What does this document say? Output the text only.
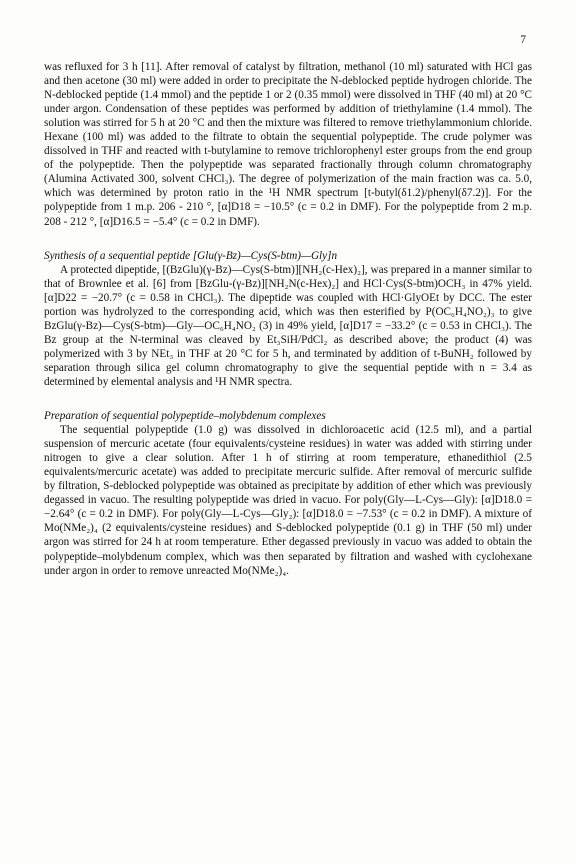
7

was refluxed for 3 h [11]. After removal of catalyst by filtration, methanol (10 ml) saturated with HCl gas and then acetone (30 ml) were added in order to precipitate the N-deblocked peptide hydrogen chloride. The N-deblocked peptide (1.4 mmol) and the peptide 1 or 2 (0.35 mmol) were dissolved in THF (40 ml) at 20 °C under argon. Condensation of these peptides was performed by addition of triethylamine (1.4 mmol). The solution was stirred for 5 h at 20 °C and then the mixture was filtered to remove triethylammonium chloride. Hexane (100 ml) was added to the filtrate to obtain the sequential polypeptide. The crude polymer was dissolved in THF and reacted with t-butylamine to remove trichlorophenyl ester groups from the end group of the polypeptide. Then the polypeptide was separated fractionally through column chromatography (Alumina Activated 300, solvent CHCl₃). The degree of polymerization of the main fraction was ca. 5.0, which was determined by proton ratio in the ¹H NMR spectrum [t-butyl(δ1.2)/phenyl(δ7.2)]. For the polypeptide from 1 m.p. 206 - 210 °, [α]D18 = −10.5° (c = 0.2 in DMF). For the polypeptide from 2 m.p. 208 - 212 °, [α]D16.5 = −5.4° (c = 0.2 in DMF).

Synthesis of a sequential peptide [Glu(γ-Bz)—Cys(S-btm)—Gly]n

A protected dipeptide, [(BzGlu)(γ-Bz)—Cys(S-btm)][NH₂(c-Hex)₂], was prepared in a manner similar to that of Brownlee et al. [6] from [BzGlu-(γ-Bz)][NH₂N(c-Hex)₂] and HCl·Cys(S-btm)OCH₃ in 47% yield. [α]D22 = −20.7° (c = 0.58 in CHCl₃). The dipeptide was coupled with HCl·GlyOEt by DCC. The ester portion was hydrolyzed to the corresponding acid, which was then esterified by P(OC₆H₄NO₂)₃ to give BzGlu(γ-Bz)—Cys(S-btm)—Gly—OC₆H₄NO₂ (3) in 49% yield, [α]D17 = −33.2° (c = 0.53 in CHCl₃). The Bz group at the N-terminal was cleaved by Et₃SiH/PdCl₂ as described above; the product (4) was polymerized with 3 by NEt₃ in THF at 20 °C for 5 h, and terminated by addition of t-BuNH₂ followed by separation through silica gel column chromatography to give the sequential peptide with n = 3.4 as determined by elemental analysis and ¹H NMR spectra.

Preparation of sequential polypeptide–molybdenum complexes

The sequential polypeptide (1.0 g) was dissolved in dichloroacetic acid (12.5 ml), and a partial suspension of mercuric acetate (four equivalents/cysteine residues) in water was added with stirring under nitrogen to give a clear solution. After 1 h of stirring at room temperature, ethanedithiol (2.5 equivalents/mercuric acetate) was added to precipitate mercuric sulfide. After removal of mercuric sulfide by filtration, S-deblocked polypeptide was obtained as precipitate by addition of ether which was previously degassed in vacuo. The resulting polypeptide was dried in vacuo. For poly(Gly—L-Cys—Gly): [α]D18.0 = −2.64° (c = 0.2 in DMF). For poly(Gly—L-Cys—Gly₂): [α]D18.0 = −7.53° (c = 0.2 in DMF). A mixture of Mo(NMe₂)₄ (2 equivalents/cysteine residues) and S-deblocked polypeptide (0.1 g) in THF (50 ml) under argon was stirred for 24 h at room temperature. Ether degassed previously in vacuo was added to obtain the polypeptide–molybdenum complex, which was then separated by filtration and washed with cyclohexane under argon in order to remove unreacted Mo(NMe₂)₄.
